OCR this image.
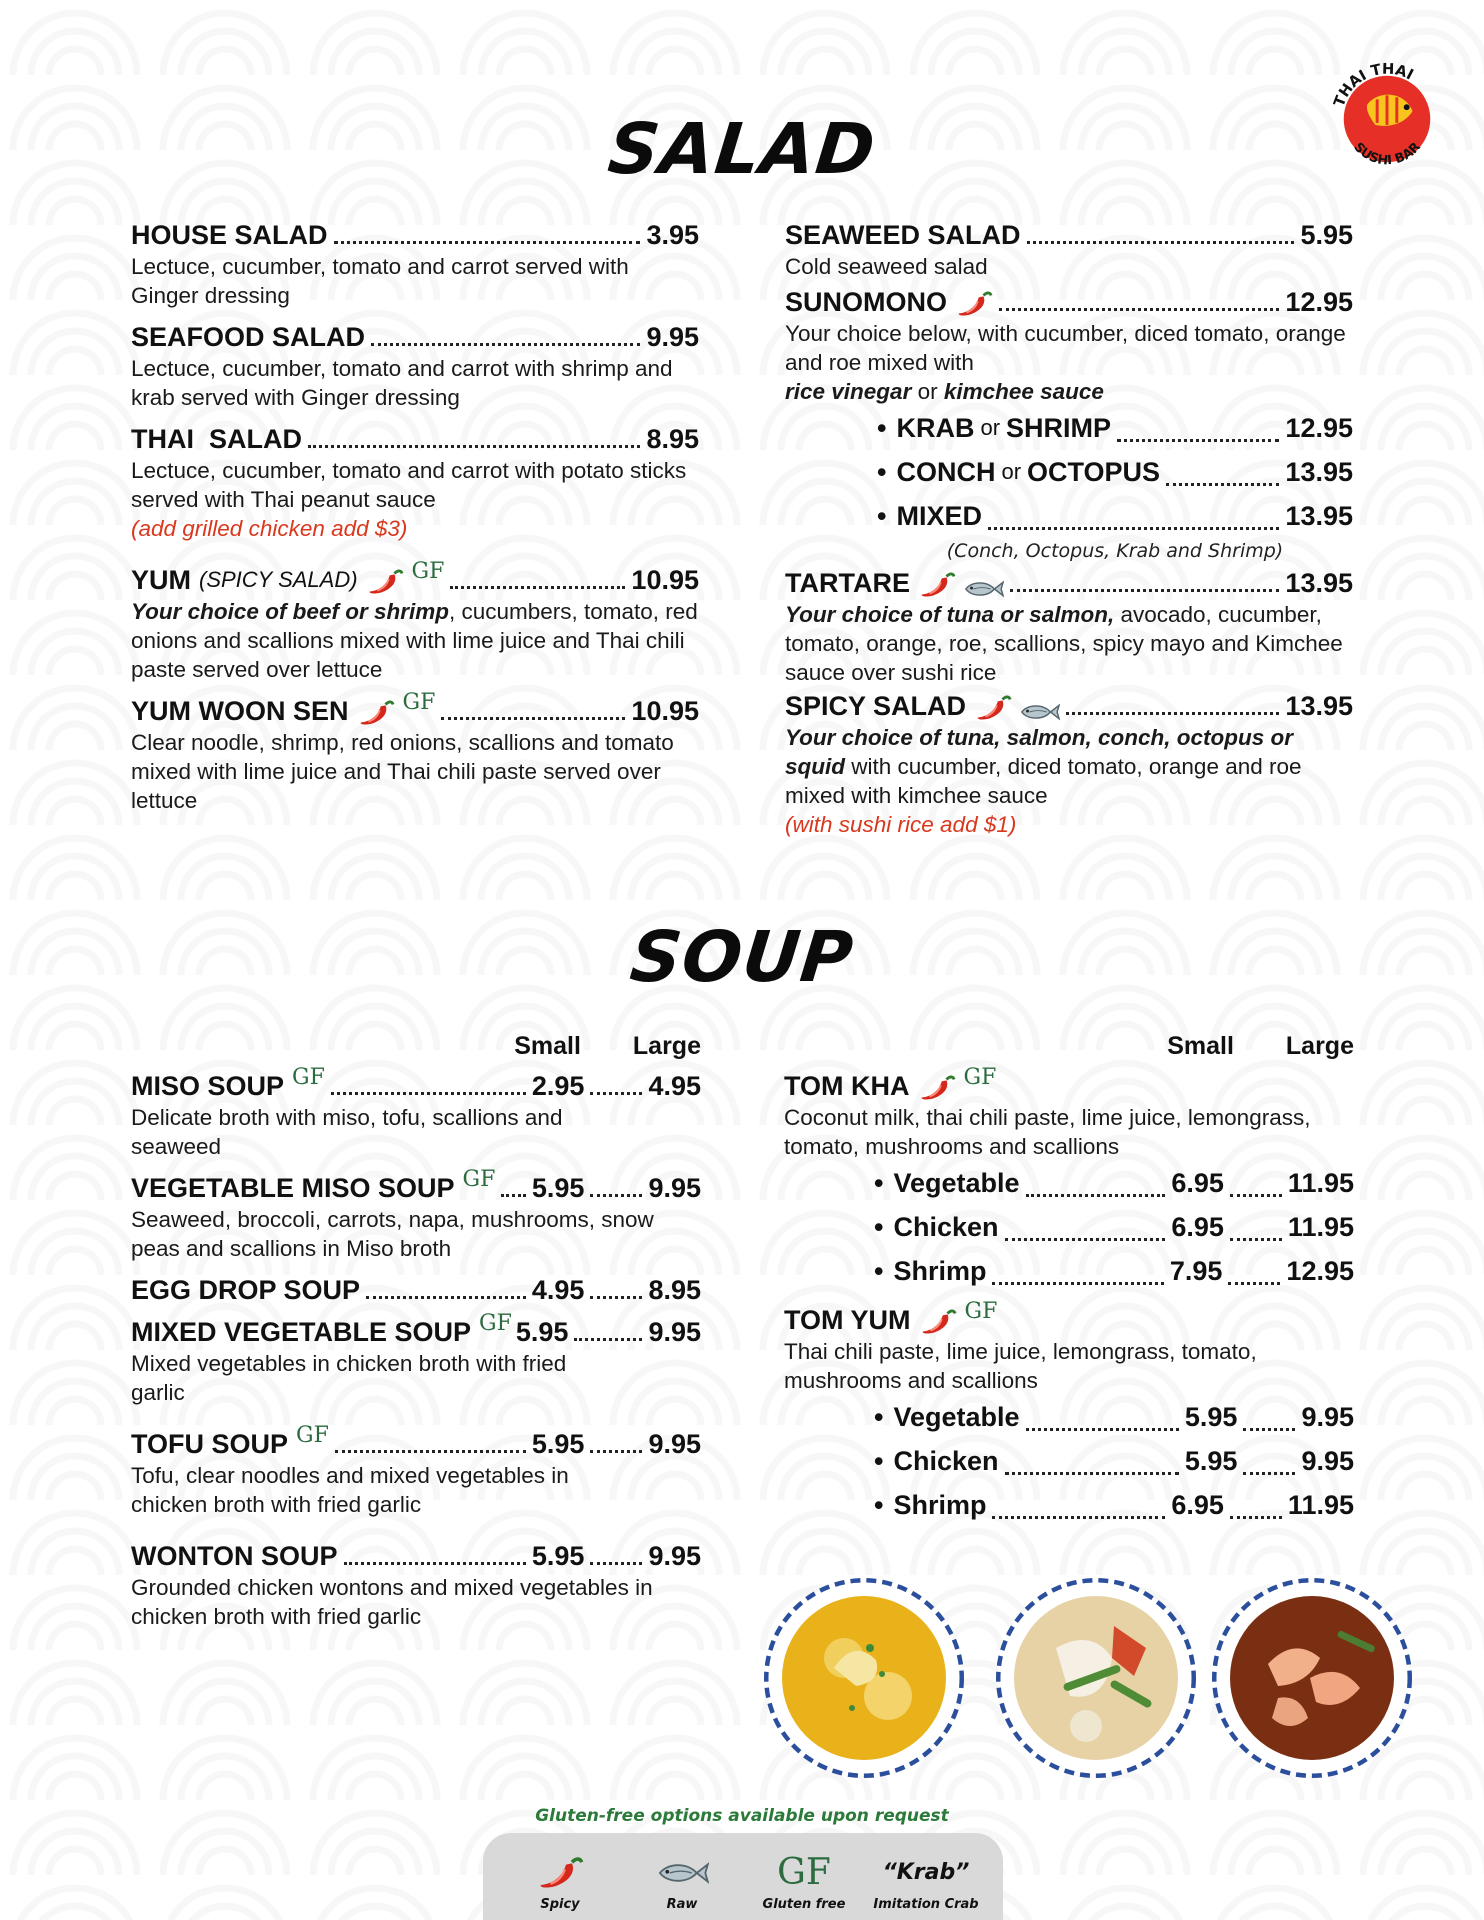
THAI THAI
SUSHI BAR
SALAD
HOUSE SALAD	3.95
Lectuce, cucumber, tomato and carrot served with Ginger dressing
SEAFOOD SALAD	9.95
Lectuce, cucumber, tomato and carrot with shrimp and krab served with Ginger dressing
THAI  SALAD	8.95
Lectuce, cucumber, tomato and carrot with potato sticks served with Thai peanut sauce
(add grilled chicken add $3)
YUM (SPICY SALAD) GF	10.95
Your choice of beef or shrimp, cucumbers, tomato, red onions and scallions mixed with lime juice and Thai chili paste served over lettuce
YUM WOON SEN GF	10.95
Clear noodle, shrimp, red onions, scallions and tomato mixed with lime juice and Thai chili paste served over lettuce
SEAWEED SALAD	5.95
Cold seaweed salad
SUNOMONO	12.95
Your choice below, with cucumber, diced tomato, orange and roe mixed with
rice vinegar or kimchee sauce
• KRAB or SHRIMP	12.95
• CONCH or OCTOPUS	13.95
• MIXED	13.95
(Conch, Octopus, Krab and Shrimp)
TARTARE	13.95
Your choice of tuna or salmon, avocado, cucumber, tomato, orange, roe, scallions, spicy mayo and Kimchee sauce over sushi rice
SPICY SALAD	13.95
Your choice of tuna, salmon, conch, octopus or squid with cucumber, diced tomato, orange and roe mixed with kimchee sauce
(with sushi rice add $1)
SOUP
Small Large
MISO SOUP GF	2.95 4.95
Delicate broth with miso, tofu, scallions and seaweed
VEGETABLE MISO SOUP GF 5.95 9.95
Seaweed, broccoli, carrots, napa, mushrooms, snow peas and scallions in Miso broth
EGG DROP SOUP	4.95 8.95
MIXED VEGETABLE SOUP GF 5.95	9.95
Mixed vegetables in chicken broth with fried garlic
TOFU SOUP GF	5.95 9.95
Tofu, clear noodles and mixed vegetables in chicken broth with fried garlic
WONTON SOUP	5.95 9.95
Grounded chicken wontons and mixed vegetables in chicken broth with fried garlic
Small Large
TOM KHA GF
Coconut milk, thai chili paste, lime juice, lemongrass, tomato, mushrooms and scallions
• Vegetable	6.95 11.95
• Chicken	6.95 11.95
• Shrimp	7.95 12.95
TOM YUM GF
Thai chili paste, lime juice, lemongrass, tomato, mushrooms and scallions
• Vegetable	5.95 9.95
• Chicken	5.95 9.95
• Shrimp	6.95 11.95
Gluten-free options available upon request
Spicy	Raw
GF
Gluten free
“Krab”
Imitation Crab
